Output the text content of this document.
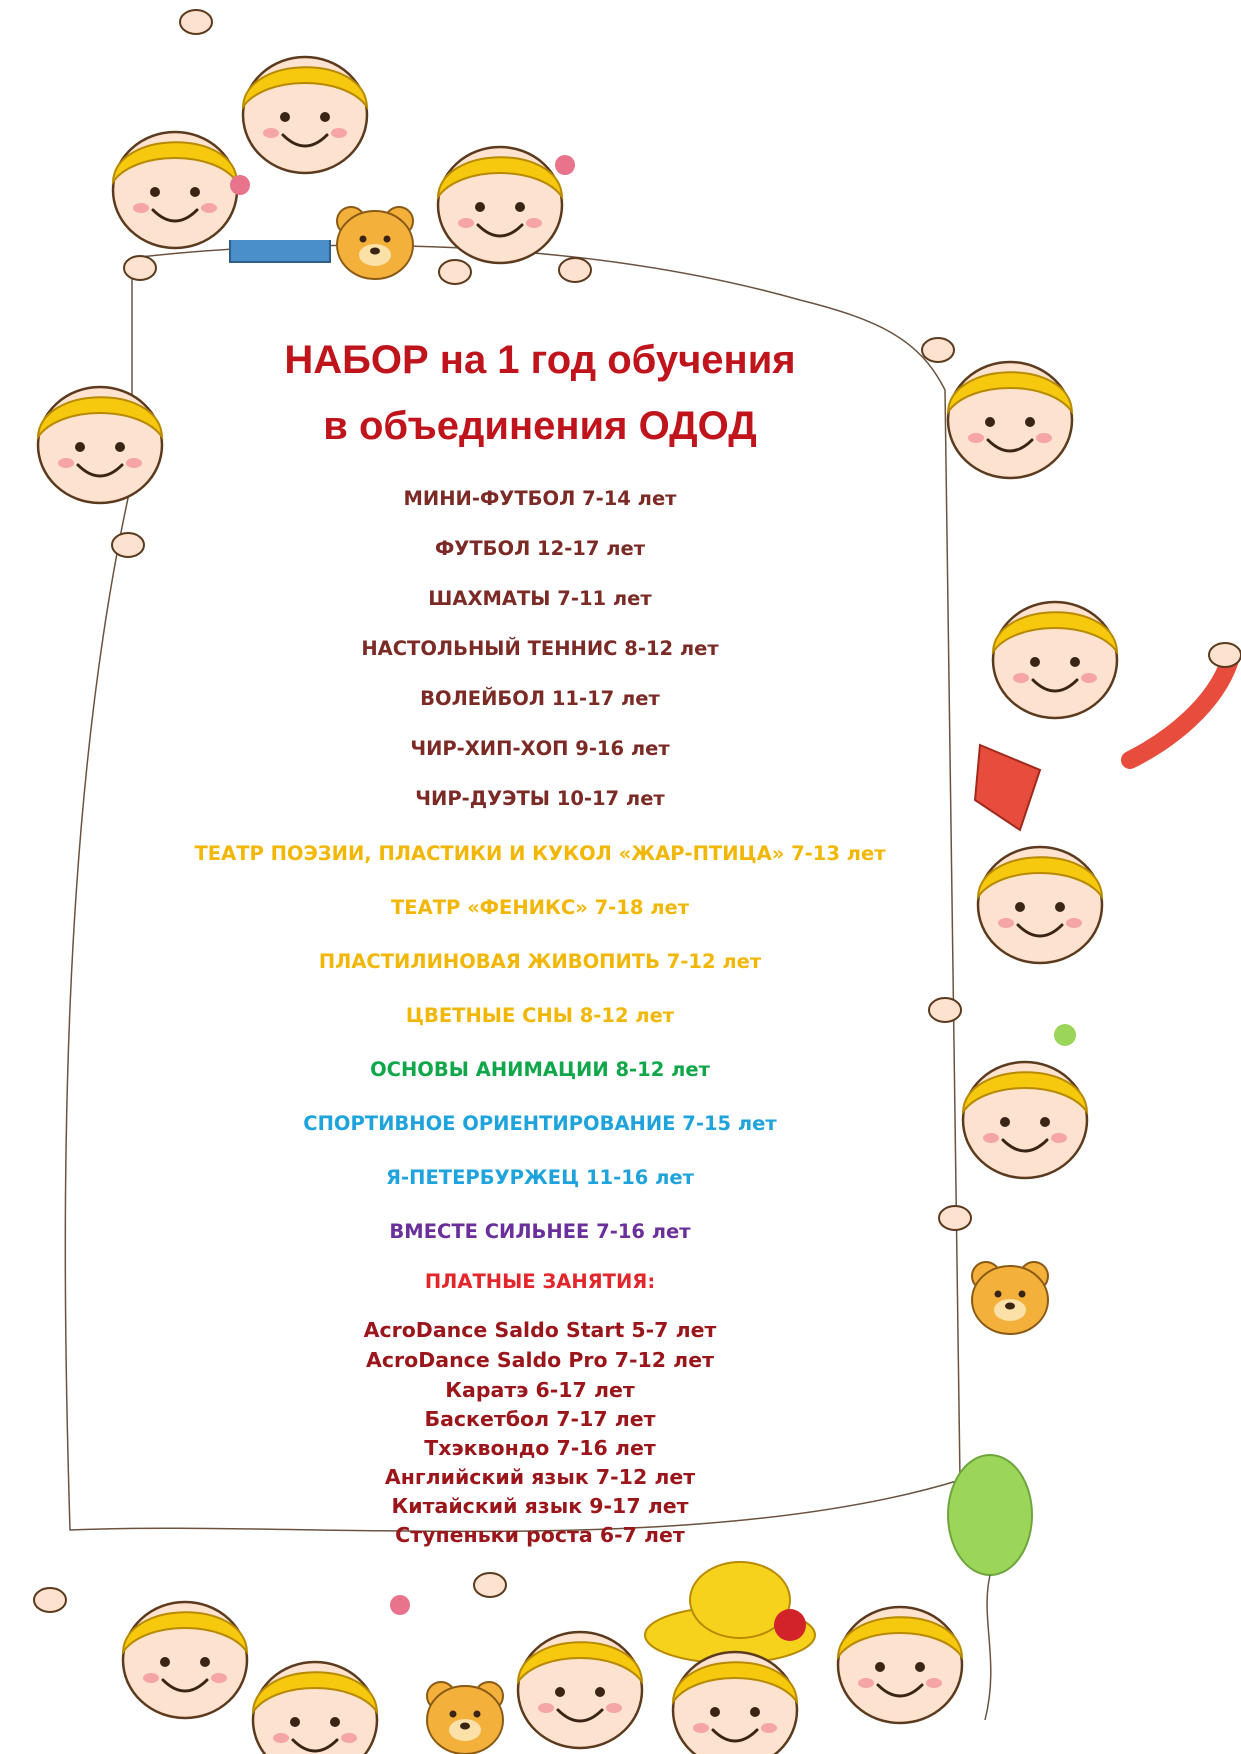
НАБОР на 1 год обучения
в объединения ОДОД

МИНИ-ФУТБОЛ 7-14 лет

ФУТБОЛ 12-17 лет

ШАХМАТЫ 7-11 лет

НАСТОЛЬНЫЙ ТЕННИС 8-12 лет

ВОЛЕЙБОЛ 11-17 лет

ЧИР-ХИП-ХОП 9-16 лет

ЧИР-ДУЭТЫ 10-17 лет

ТЕАТР ПОЭЗИИ, ПЛАСТИКИ И КУКОЛ «ЖАР-ПТИЦА» 7-13 лет

ТЕАТР «ФЕНИКС» 7-18 лет

ПЛАСТИЛИНОВАЯ ЖИВОПИТЬ 7-12 лет

ЦВЕТНЫЕ СНЫ 8-12 лет

ОСНОВЫ АНИМАЦИИ 8-12 лет

СПОРТИВНОЕ ОРИЕНТИРОВАНИЕ 7-15 лет

Я-ПЕТЕРБУРЖЕЦ 11-16 лет

ВМЕСТЕ СИЛЬНЕЕ 7-16 лет

ПЛАТНЫЕ ЗАНЯТИЯ:

AcroDance Saldo Start 5-7 лет

AcroDance Saldo Pro 7-12 лет

Каратэ 6-17 лет

Баскетбол 7-17 лет

Тхэквондо 7-16 лет

Английский язык 7-12 лет

Китайский язык 9-17 лет

Ступеньки роста 6-7 лет
